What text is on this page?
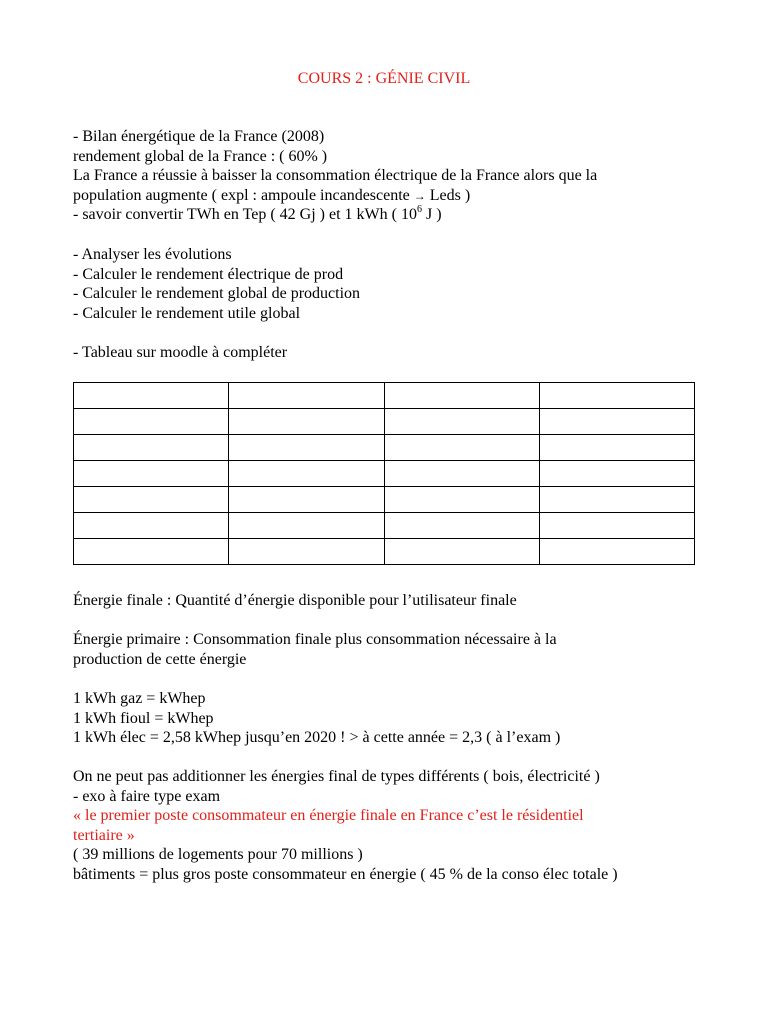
COURS 2 : GÉNIE CIVIL
- Bilan énergétique de la France (2008)
rendement global de la France : ( 60% )
La France a réussie à baisser la consommation électrique de la France alors que la
population augmente ( expl : ampoule incandescente → Leds )
- savoir convertir TWh en Tep ( 42 Gj ) et 1 kWh ( $10^6$ J )
- Analyser les évolutions
- Calculer le rendement électrique de prod
- Calculer le rendement global de production
- Calculer le rendement utile global
- Tableau sur moodle à compléter

Énergie finale : Quantité d’énergie disponible pour l’utilisateur finale
Énergie primaire : Consommation finale plus consommation nécessaire à la
production de cette énergie
1 kWh gaz = kWhep
1 kWh fioul = kWhep
1 kWh élec = 2,58 kWhep jusqu’en 2020 ! > à cette année = 2,3 ( à l’exam )
On ne peut pas additionner les énergies final de types différents ( bois, électricité )
- exo à faire type exam
« le premier poste consommateur en énergie finale en France c’est le résidentiel
tertiaire »
( 39 millions de logements pour 70 millions )
bâtiments = plus gros poste consommateur en énergie ( 45 % de la conso élec totale )
